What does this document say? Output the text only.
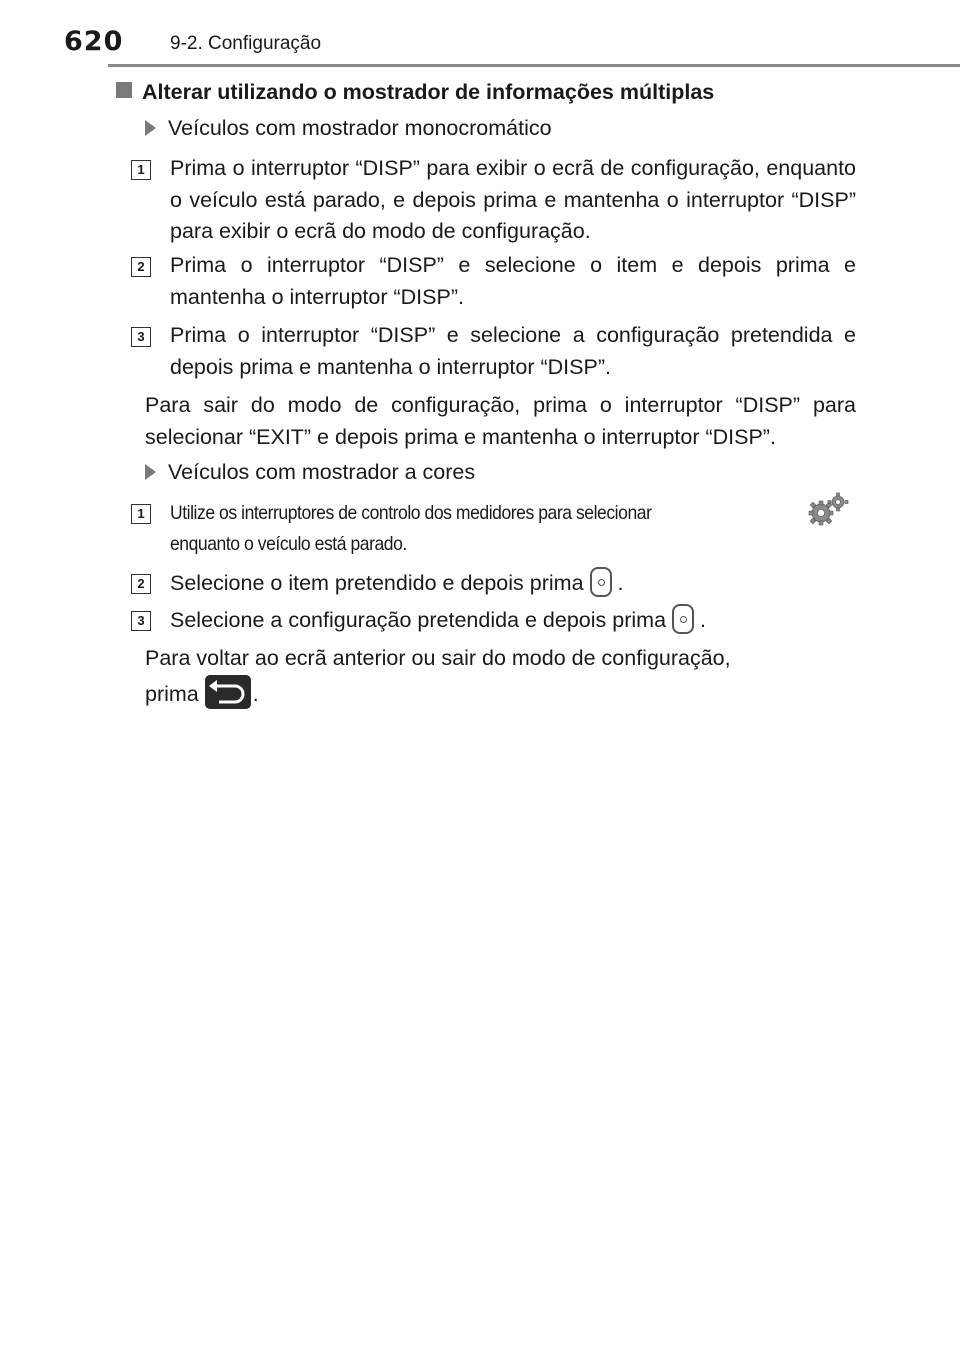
620 9-2. Configuração
Alterar utilizando o mostrador de informações múltiplas
Veículos com mostrador monocromático
1 Prima o interruptor “DISP” para exibir o ecrã de configuração, enquanto o veículo está parado, e depois prima e mantenha o interruptor “DISP” para exibir o ecrã do modo de configuração.
2 Prima o interruptor “DISP” e selecione o item e depois prima e mantenha o interruptor “DISP”.
3 Prima o interruptor “DISP” e selecione a configuração pretendida e depois prima e mantenha o interruptor “DISP”.
Para sair do modo de configuração, prima o interruptor “DISP” para selecionar “EXIT” e depois prima e mantenha o interruptor “DISP”.
Veículos com mostrador a cores
1	Utilize os interruptores de controlo dos medidores para selecionar
enquanto o veículo está parado.
2 Selecione o item pretendido e depois prima .
3 Selecione a configuração pretendida e depois prima .
Para voltar ao ecrã anterior ou sair do modo de configuração,
prima	.
